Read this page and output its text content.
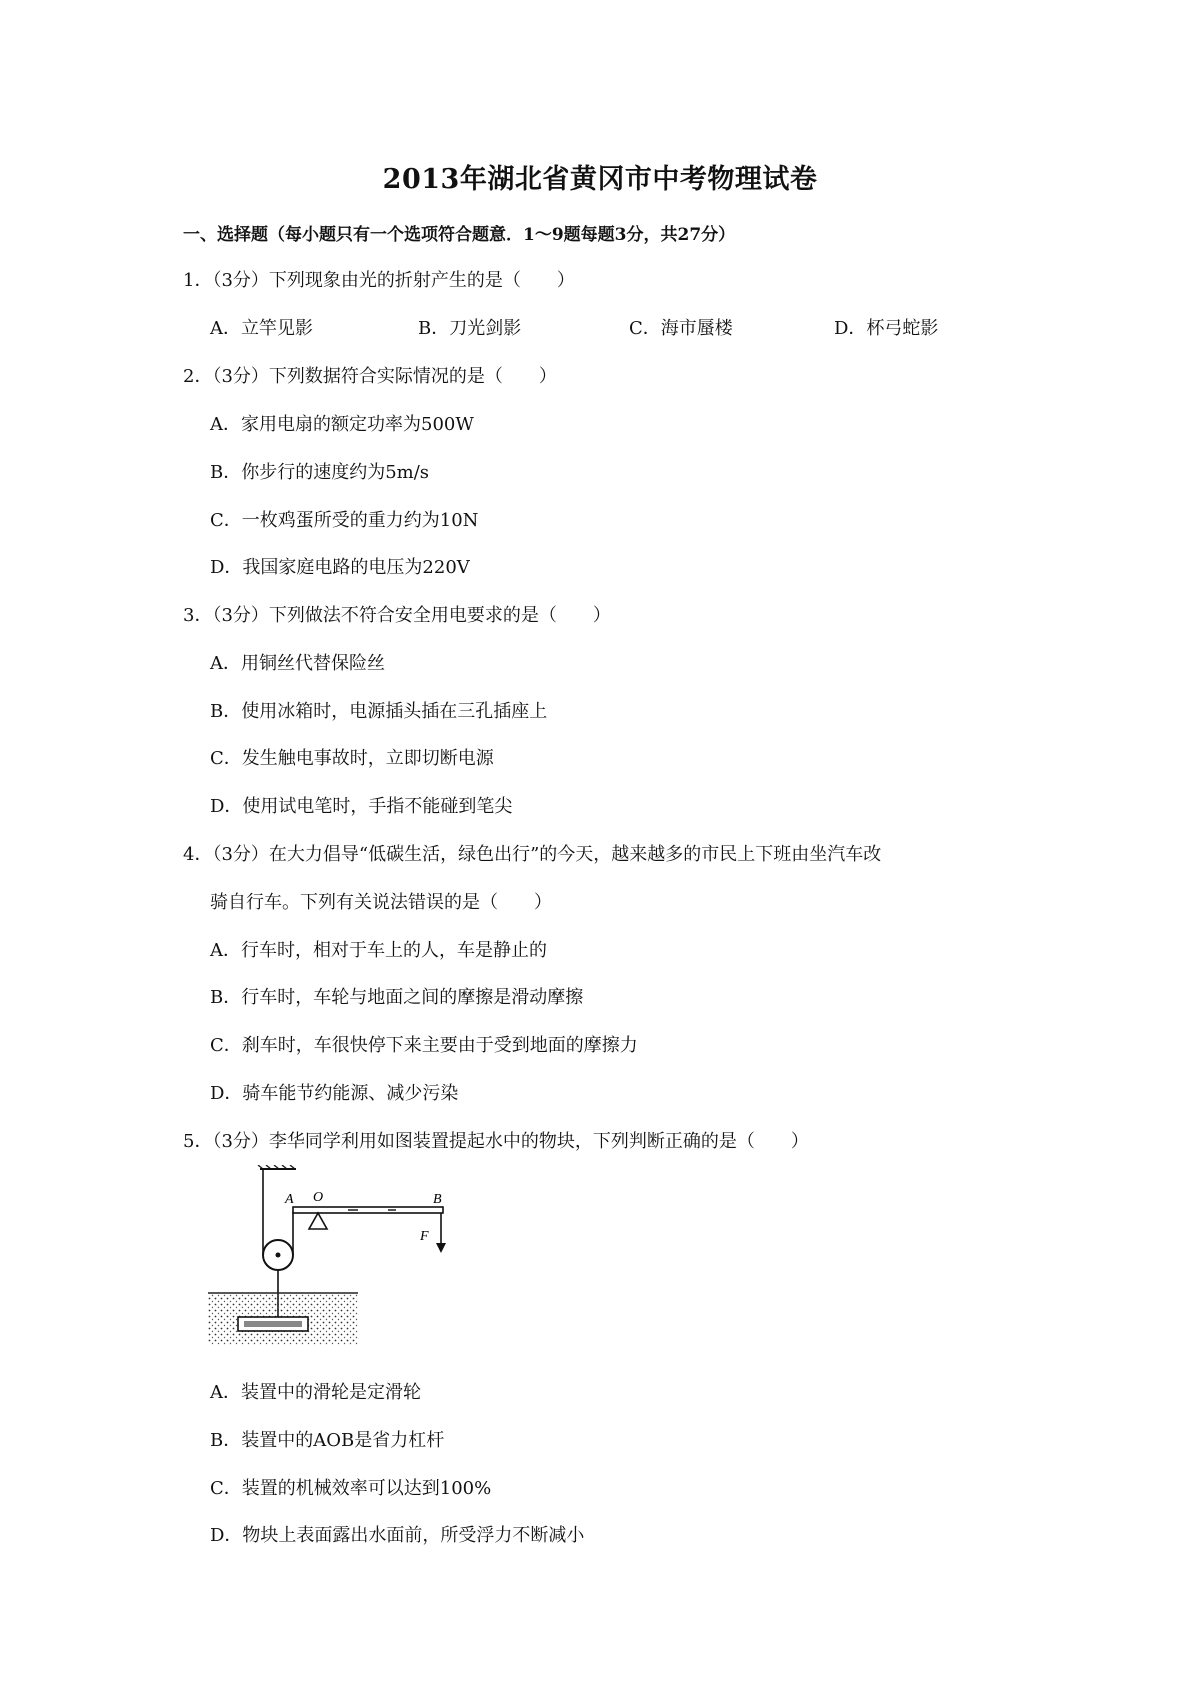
2013年湖北省黄冈市中考物理试卷
一、选择题（每小题只有一个选项符合题意．1～9题每题3分，共27分）
1．（3分）下列现象由光的折射产生的是（　　）
A．立竿见影	B．刀光剑影	C．海市蜃楼	D．杯弓蛇影
2．（3分）下列数据符合实际情况的是（　　）
A．家用电扇的额定功率为500W
B．你步行的速度约为5m/s
C．一枚鸡蛋所受的重力约为10N
D．我国家庭电路的电压为220V
3．（3分）下列做法不符合安全用电要求的是（　　）
A．用铜丝代替保险丝
B．使用冰箱时，电源插头插在三孔插座上
C．发生触电事故时，立即切断电源
D．使用试电笔时，手指不能碰到笔尖
4．（3分）在大力倡导“低碳生活，绿色出行”的今天，越来越多的市民上下班由坐汽车改
骑自行车。下列有关说法错误的是（　　）
A．行车时，相对于车上的人，车是静止的
B．行车时，车轮与地面之间的摩擦是滑动摩擦
C．刹车时，车很快停下来主要由于受到地面的摩擦力
D．骑车能节约能源、减少污染
5．（3分）李华同学利用如图装置提起水中的物块，下列判断正确的是（　　）
A O	B
F
A．装置中的滑轮是定滑轮
B．装置中的AOB是省力杠杆
C．装置的机械效率可以达到100%
D．物块上表面露出水面前，所受浮力不断减小
